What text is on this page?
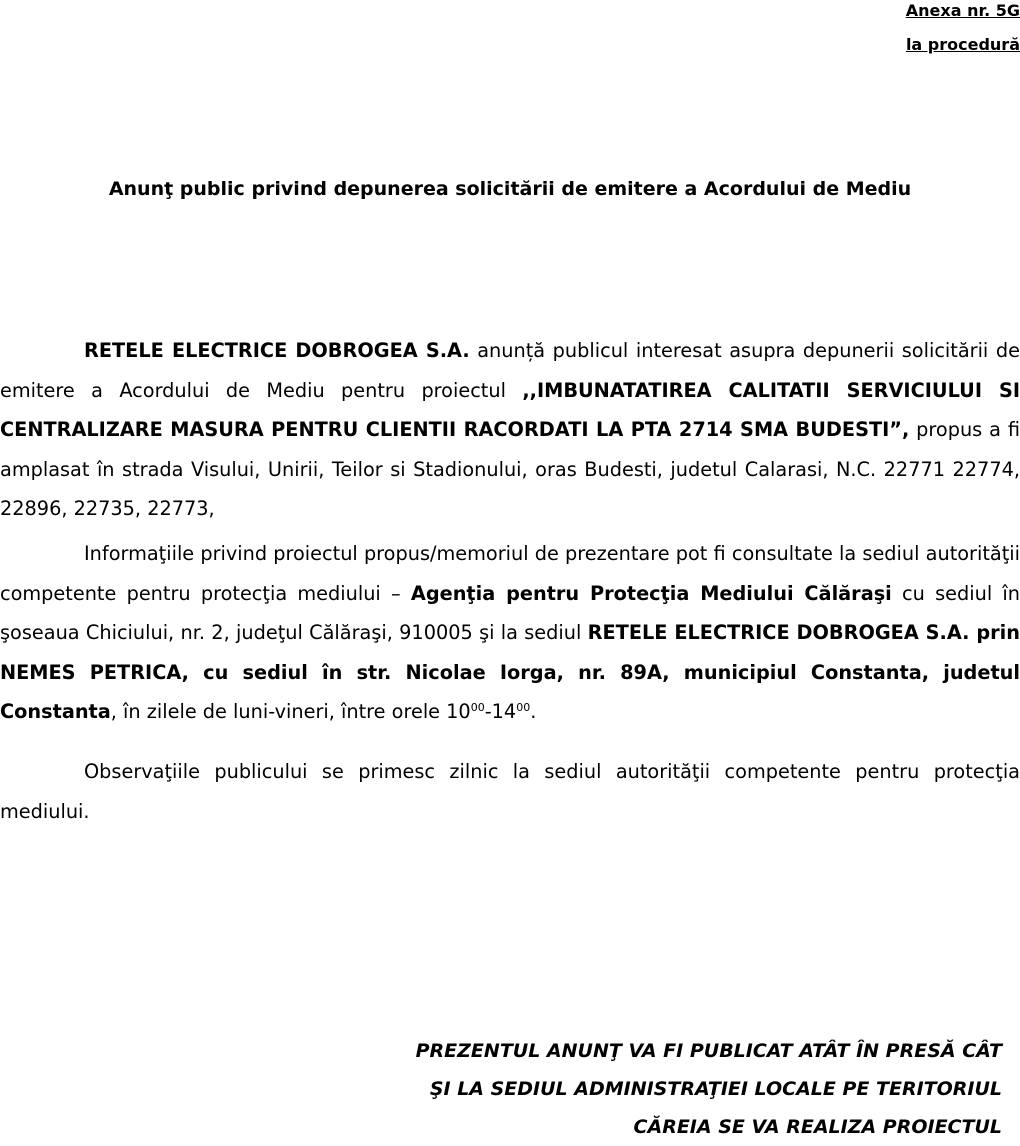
Anexa nr. 5G
la procedură
Anunţ public privind depunerea solicitării de emitere a Acordului de Mediu
RETELE ELECTRICE DOBROGEA S.A. anunță publicul interesat asupra depunerii solicitării de emitere a Acordului de Mediu pentru proiectul ,,IMBUNATATIREA CALITATII SERVICIULUI SI CENTRALIZARE MASURA PENTRU CLIENTII RACORDATI LA PTA 2714 SMA BUDESTI”, propus a fi amplasat în strada Visului, Unirii, Teilor si Stadionului, oras Budesti, judetul Calarasi, N.C. 22771 22774, 22896, 22735, 22773,
Informaţiile privind proiectul propus/memoriul de prezentare pot fi consultate la sediul autorităţii competente pentru protecţia mediului – Agenţia pentru Protecţia Mediului Călăraşi cu sediul în şoseaua Chiciului, nr. 2, judeţul Călăraşi, 910005 şi la sediul RETELE ELECTRICE DOBROGEA S.A. prin NEMES PETRICA, cu sediul în str. Nicolae Iorga, nr. 89A, municipiul Constanta, judetul Constanta, în zilele de luni-vineri, între orele $10^{00}-14^{00}$.
Observaţiile publicului se primesc zilnic la sediul autorităţii competente pentru protecţia mediului.
PREZENTUL ANUNŢ VA FI PUBLICAT ATÂT ÎN PRESĂ CÂT
ŞI LA SEDIUL ADMINISTRAŢIEI LOCALE PE TERITORIUL
CĂREIA SE VA REALIZA PROIECTUL
